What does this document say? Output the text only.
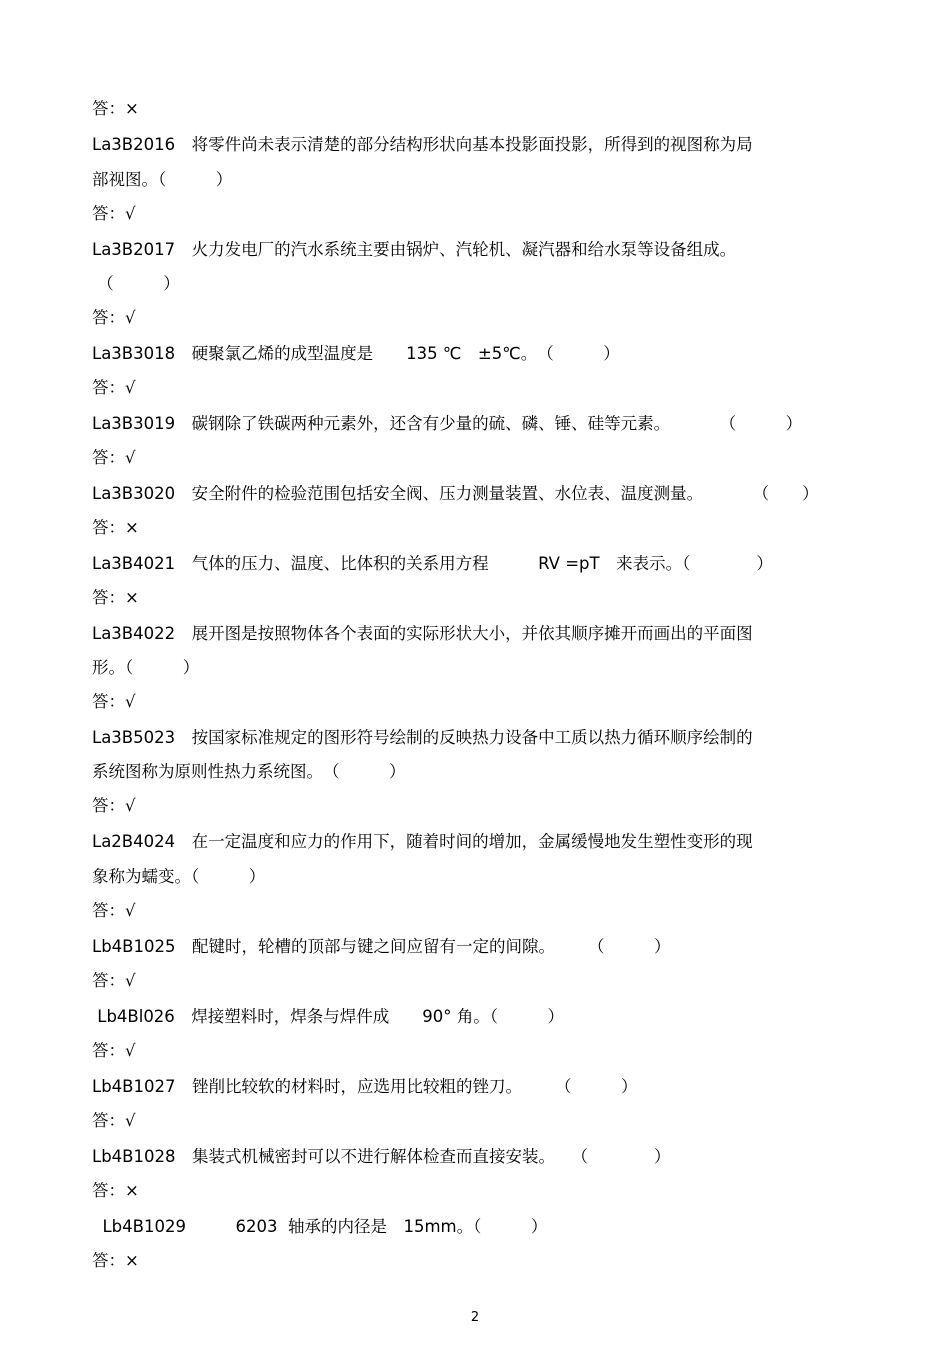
答：×

La3B2016　将零件尚未表示清楚的部分结构形状向基本投影面投影，所得到的视图称为局

部视图。（　　　）

答：√

La3B2017　火力发电厂的汽水系统主要由锅炉、汽轮机、凝汽器和给水泵等设备组成。

（　　　）

答：√

La3B3018　硬聚氯乙烯的成型温度是　　135 ℃　±5℃。　（　　　）

答：√

La3B3019　碳钢除了铁碳两种元素外，还含有少量的硫、磷、锤、硅等元素。　　　　（　　　）

答：√

La3B3020　安全附件的检验范围包括安全阀、压力测量装置、水位表、温度测量。　　　　（　　）

答：×

La3B4021　气体的压力、温度、比体积的关系用方程　　　RV =pT　来表示。（　　　　）

答：×

La3B4022　展开图是按照物体各个表面的实际形状大小，并依其顺序摊开而画出的平面图

形。（　　　）

答：√

La3B5023　按国家标准规定的图形符号绘制的反映热力设备中工质以热力循环顺序绘制的

系统图称为原则性热力系统图。　（　　　）

答：√

La2B4024　在一定温度和应力的作用下，随着时间的增加，金属缓慢地发生塑性变形的现

象称为蠕变。（　　　）

答：√

Lb4B1025　配键时，轮槽的顶部与键之间应留有一定的间隙。　　　（　　　）

答：√

Lb4Bl026　焊接塑料时，焊条与焊件成　　90° 角。（　　　）

答：√

Lb4B1027　锉削比较软的材料时，应选用比较粗的锉刀。　　　（　　　）

答：√

Lb4B1028　集装式机械密封可以不进行解体检查而直接安装。　　（　　　　）

答：×

Lb4B1029　　　6203  轴承的内径是　15mm。（　　　）

答：×

2
